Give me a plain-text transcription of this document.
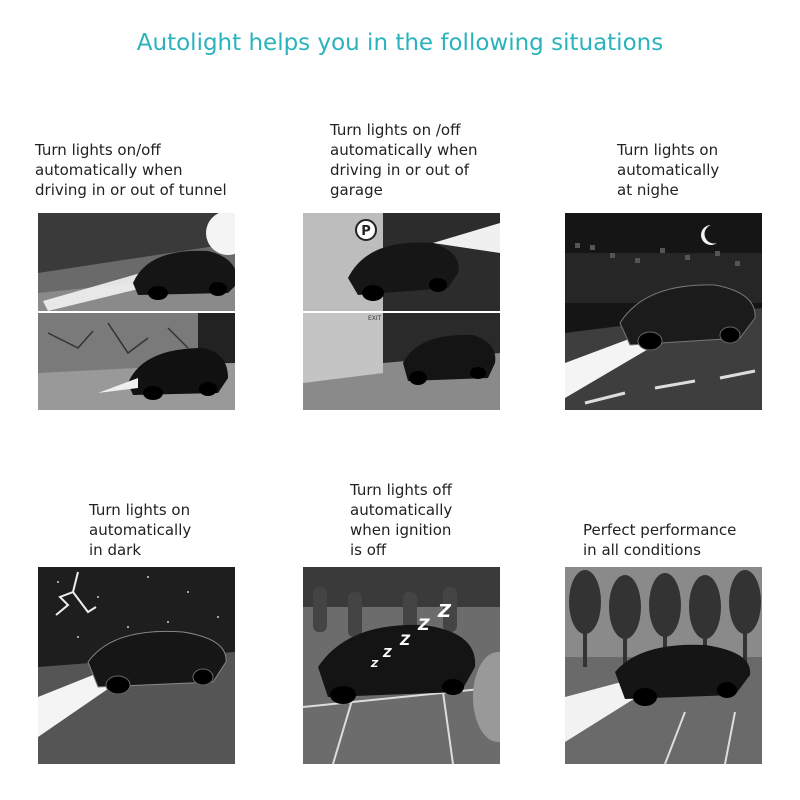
Autolight helps you in the following situations
Turn lights on/off
automatically when
driving in or out of tunnel
Turn lights on /off
automatically when
driving in or out of
garage
P
EXIT
Turn lights on
automatically
at nighe
Turn lights on
automatically
in dark
Turn lights off
automatically
when ignition
is off
Z
Z
Z
Z
Z
Perfect performance
in all conditions
